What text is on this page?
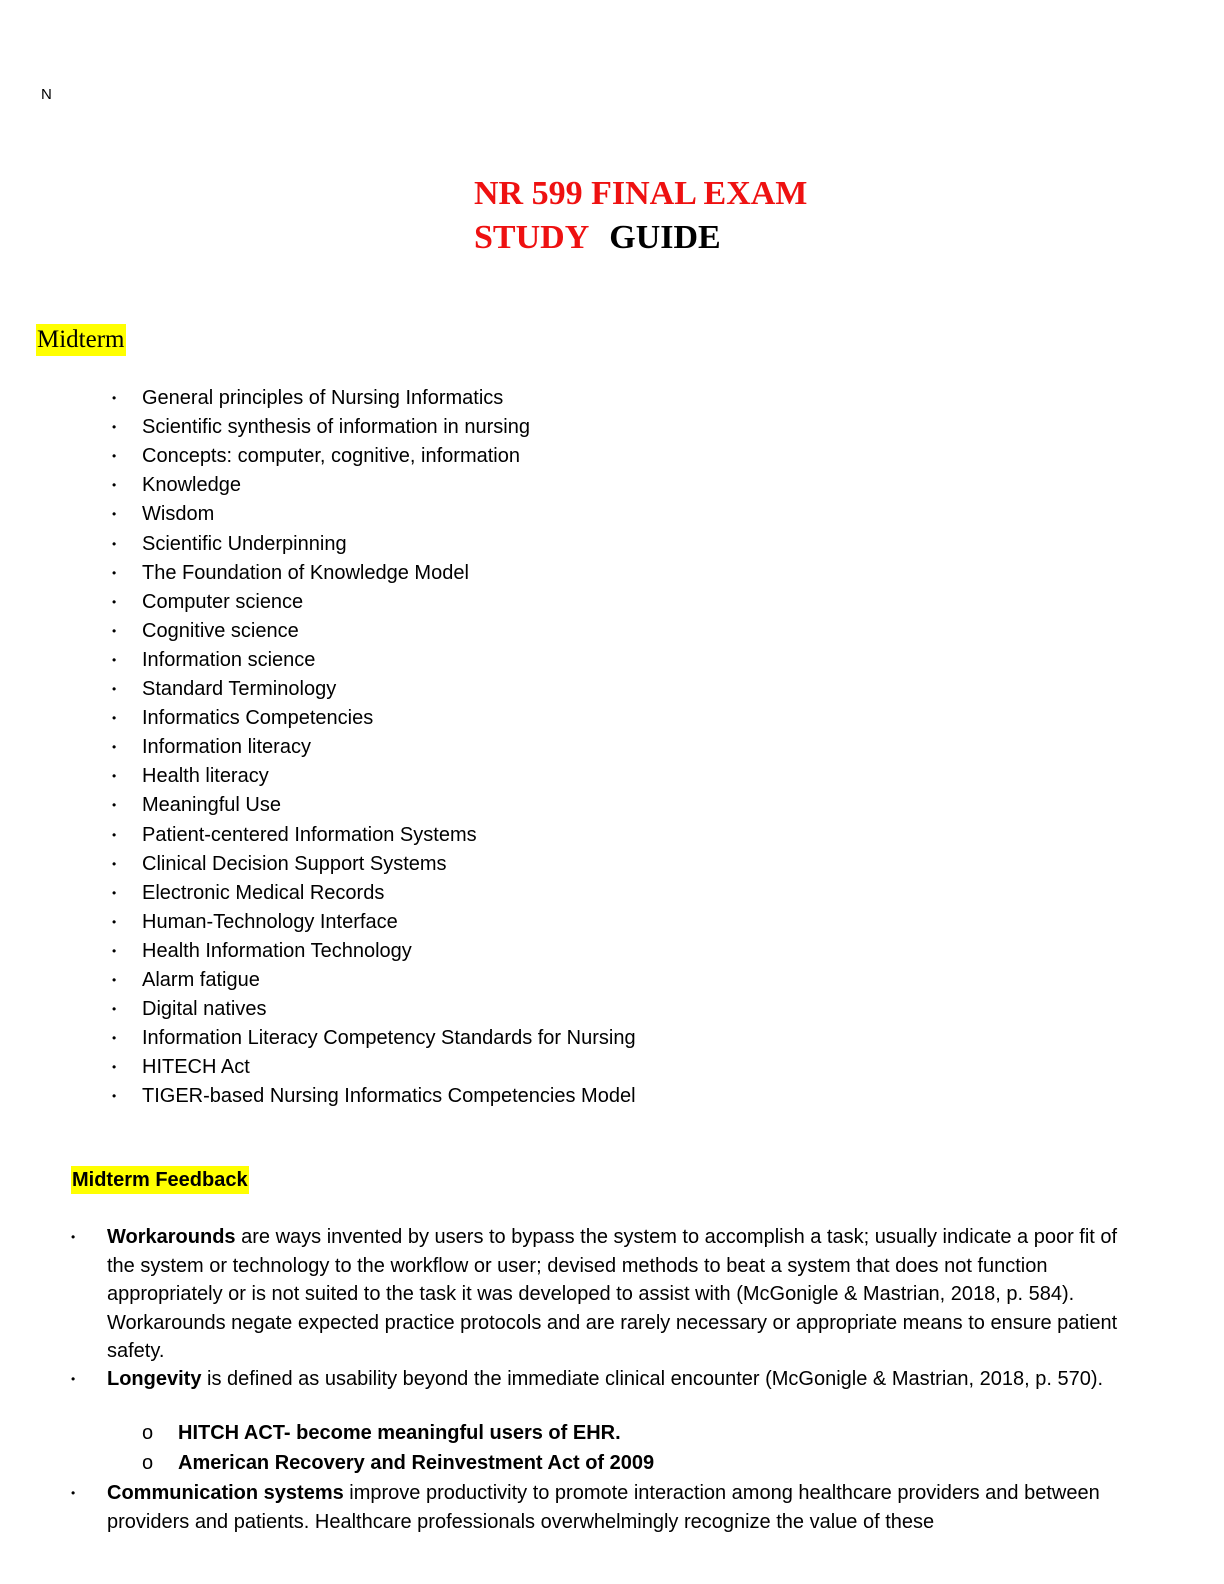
N
NR 599 FINAL EXAM
STUDY GUIDE
Midterm
• General principles of Nursing Informatics
• Scientific synthesis of information in nursing
• Concepts: computer, cognitive, information
• Knowledge
• Wisdom
• Scientific Underpinning
• The Foundation of Knowledge Model
• Computer science
• Cognitive science
• Information science
• Standard Terminology
• Informatics Competencies
• Information literacy
• Health literacy
• Meaningful Use
• Patient-centered Information Systems
• Clinical Decision Support Systems
• Electronic Medical Records
• Human-Technology Interface
• Health Information Technology
• Alarm fatigue
• Digital natives
• Information Literacy Competency Standards for Nursing
• HITECH Act
• TIGER-based Nursing Informatics Competencies Model
Midterm Feedback
• Workarounds are ways invented by users to bypass the system to accomplish a task; usually indicate a poor fit of the system or technology to the workflow or user; devised methods to beat a system that does not function appropriately or is not suited to the task it was developed to assist with (McGonigle & Mastrian, 2018, p. 584). Workarounds negate expected practice protocols and are rarely necessary or appropriate means to ensure patient safety.
• Longevity is defined as usability beyond the immediate clinical encounter (McGonigle & Mastrian, 2018, p. 570).
o HITCH ACT- become meaningful users of EHR.
o American Recovery and Reinvestment Act of 2009
• Communication systems improve productivity to promote interaction among healthcare providers and between providers and patients. Healthcare professionals overwhelmingly recognize the value of these
